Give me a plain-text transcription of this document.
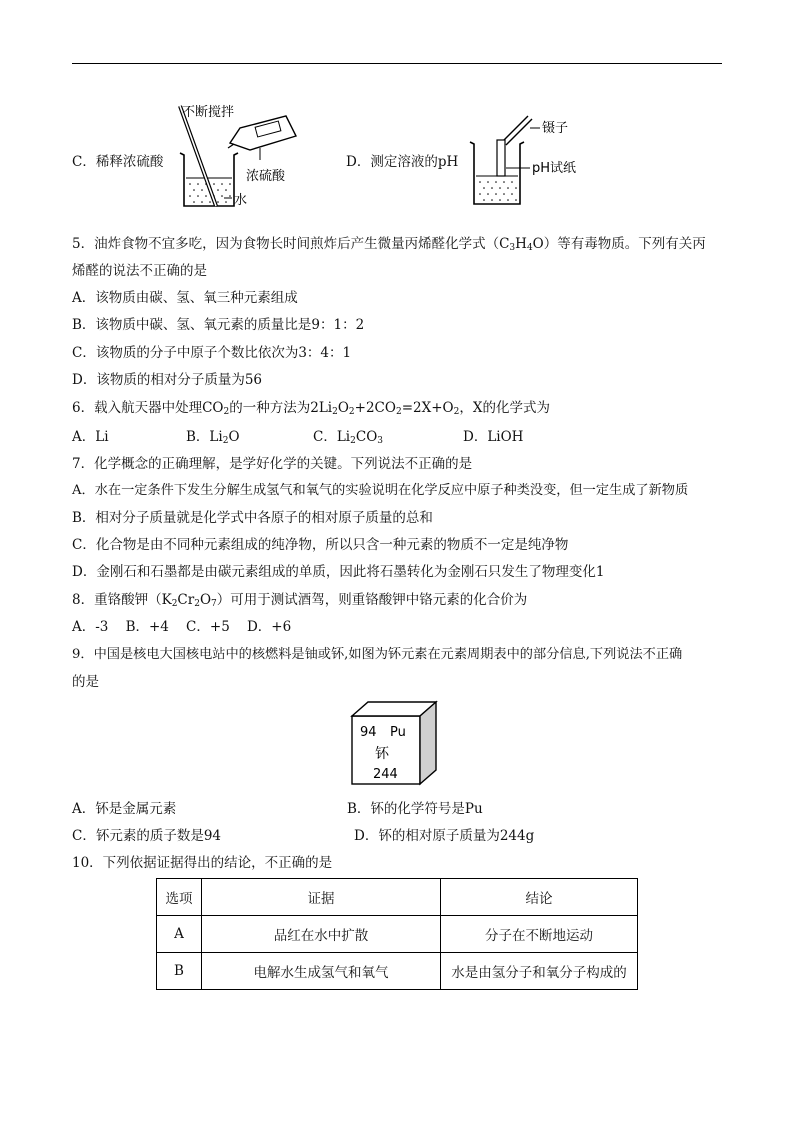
C．稀释浓硫酸
不断搅拌
浓硫酸
水
D．测定溶液的pH
镊子
pH试纸
5．油炸食物不宜多吃，因为食物长时间煎炸后产生微量丙烯醛化学式$(C_3H_4O)$等有毒物质。下列有关丙
烯醛的说法不正确的是
A．该物质由碳、氢、氧三种元素组成
B．该物质中碳、氢、氧元素的质量比是9：1：2
C．该物质的分子中原子个数比依次为3：4：1
D．该物质的相对分子质量为56
6．载入航天器中处理$CO_2$的一种方法为$2Li_2O_2+2CO_2=2X+O_2$，X的化学式为
A．Li	B．$Li_2O$	C．$Li_2CO_3$	D．LiOH
7．化学概念的正确理解，是学好化学的关键。下列说法不正确的是
A．水在一定条件下发生分解生成氢气和氧气的实验说明在化学反应中原子种类没变，但一定生成了新物质
B．相对分子质量就是化学式中各原子的相对原子质量的总和
C．化合物是由不同种元素组成的纯净物，所以只含一种元素的物质不一定是纯净物
D．金刚石和石墨都是由碳元素组成的单质，因此将石墨转化为金刚石只发生了物理变化1
8．重铬酸钾$(K_2Cr_2O_7)$可用于测试酒驾，则重铬酸钾中铬元素的化合价为
A．-3    B．+4    C．+5    D．+6
9．中国是核电大国核电站中的核燃料是铀或钚,如图为钚元素在元素周期表中的部分信息,下列说法不正确
的是
94 Pu
钚
244
A．钚是金属元素	B．钚的化学符号是Pu
C．钚元素的质子数是94	D．钚的相对原子质量为244g
10．下列依据证据得出的结论，不正确的是
选项	证据	结论
A	品红在水中扩散	分子在不断地运动
B	电解水生成氢气和氧气	水是由氢分子和氧分子构成的
